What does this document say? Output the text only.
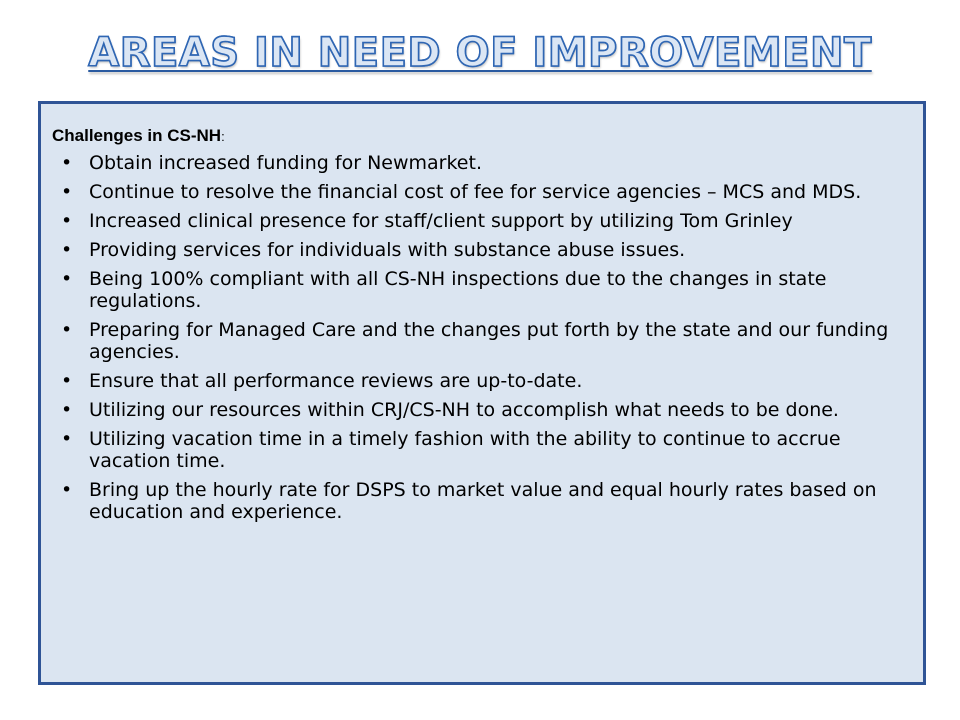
AREAS IN NEED OF IMPROVEMENT
Challenges in CS-NH:
• Obtain increased funding for Newmarket.
• Continue to resolve the financial cost of fee for service agencies – MCS and MDS.
• Increased clinical presence for staff/client support by utilizing Tom Grinley
• Providing services for individuals with substance abuse issues.
• Being 100% compliant with all CS-NH inspections due to the changes in state regulations.
• Preparing for Managed Care and the changes put forth by the state and our funding agencies.
• Ensure that all performance reviews are up-to-date.
• Utilizing our resources within CRJ/CS-NH to accomplish what needs to be done.
• Utilizing vacation time in a timely fashion with the ability to continue to accrue vacation time.
• Bring up the hourly rate for DSPS to market value and equal hourly rates based on education and experience.
